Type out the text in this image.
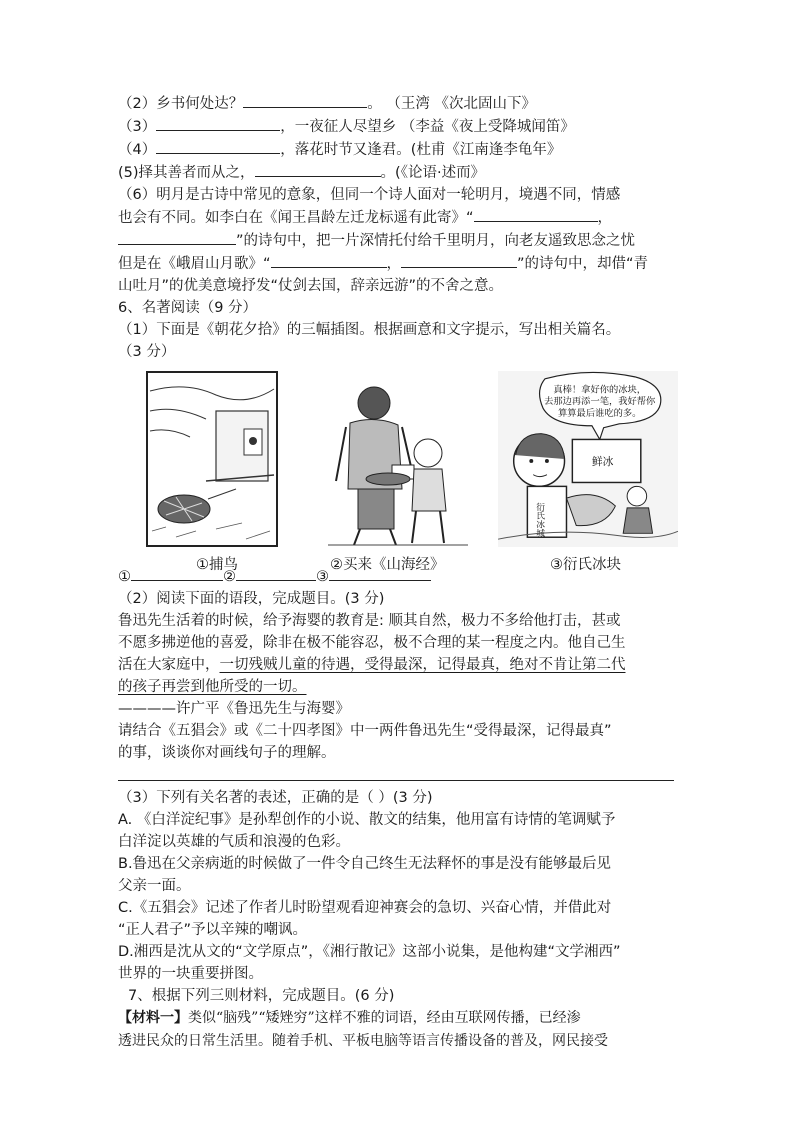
（2）乡书何处达？	。 （王湾 《次北固山下》
（3）	，一夜征人尽望乡 （李益《夜上受降城闻笛》
（4）	，落花时节又逢君。(杜甫《江南逢李龟年》
(5)择其善者而从之，	。(《论语·述而》
（6）明月是古诗中常见的意象，但同一个诗人面对一轮明月，境遇不同，情感
也会有不同。如李白在《闻王昌龄左迁龙标遥有此寄》“	，
”的诗句中，把一片深情托付给千里明月，向老友遥致思念之忧
但是在《峨眉山月歌》“	，	”的诗句中，却借“青
山吐月”的优美意境抒发“仗剑去国，辞亲远游”的不舍之意。
6、名著阅读（9 分）
（1）下面是《朝花夕拾》的三幅插图。根据画意和文字提示，写出相关篇名。
（3 分）
真棒！拿好你的冰块，
去那边再添一笔，我好帮你
算算最后谁吃的多。
鲜冰
衍氏冰城
①捕鸟	②买来《山海经》	③衍氏冰块
①	②	③
（2）阅读下面的语段，完成题目。(3 分)
鲁迅先生活着的时候，给予海婴的教育是: 顺其自然，极力不多给他打击，甚或
不愿多拂逆他的喜爱，除非在极不能容忍，极不合理的某一程度之内。他自己生
活在大家庭中，一切残贼儿童的待遇，受得最深，记得最真，绝对不肯让第二代
的孩子再尝到他所受的一切。
————许广平《鲁迅先生与海婴》
请结合《五猖会》或《二十四孝图》中一两件鲁迅先生“受得最深，记得最真”
的事，谈谈你对画线句子的理解。
（3）下列有关名著的表述，正确的是（ ）(3 分)
A. 《白洋淀纪事》是孙犁创作的小说、散文的结集，他用富有诗情的笔调赋予
白洋淀以英雄的气质和浪漫的色彩。
B.鲁迅在父亲病逝的时候做了一件令自己终生无法释怀的事是没有能够最后见
父亲一面。
C.《五猖会》记述了作者儿时盼望观看迎神赛会的急切、兴奋心情，并借此对
“正人君子”予以辛辣的嘲讽。
D.湘西是沈从文的“文学原点”，《湘行散记》这部小说集，是他构建“文学湘西”
世界的一块重要拼图。
7、根据下列三则材料，完成题目。(6 分)
【材料一】类似“脑残”“矮矬穷”这样不雅的词语，经由互联网传播，已经渗
透进民众的日常生活里。随着手机、平板电脑等语言传播设备的普及，网民接受
